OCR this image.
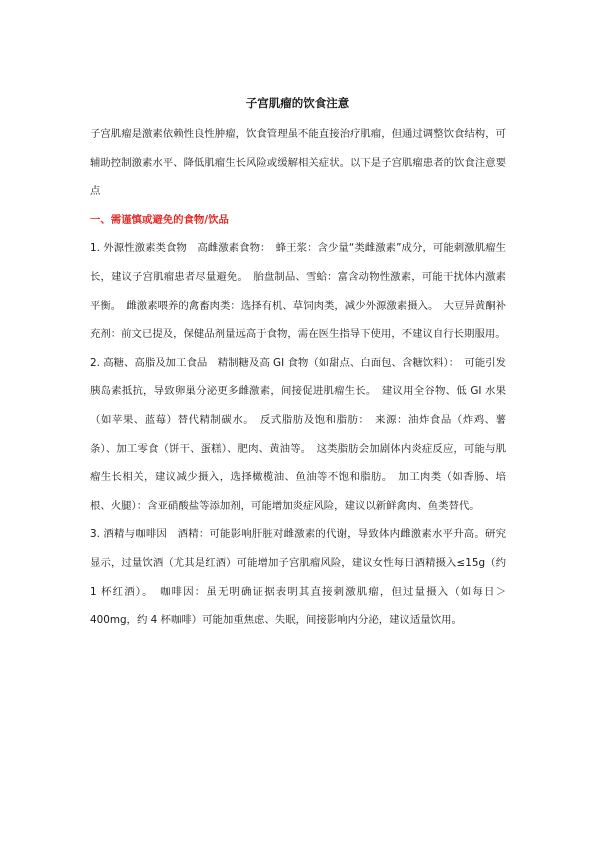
子宫肌瘤的饮食注意

子宫肌瘤是激素依赖性良性肿瘤，饮食管理虽不能直接治疗肌瘤，但通过调整饮食结构，可辅助控制激素水平、降低肌瘤生长风险或缓解相关症状。以下是子宫肌瘤患者的饮食注意要点

一、需谨慎或避免的食物/饮品

1. 外源性激素类食物　高雌激素食物：　蜂王浆：含少量“类雌激素”成分，可能刺激肌瘤生长，建议子宫肌瘤患者尽量避免。　胎盘制品、雪蛤：富含动物性激素，可能干扰体内激素平衡。　雌激素喂养的禽畜肉类：选择有机、草饲肉类，减少外源激素摄入。　大豆异黄酮补充剂：前文已提及，保健品剂量远高于食物，需在医生指导下使用，不建议自行长期服用。

2. 高糖、高脂及加工食品　精制糖及高 GI 食物（如甜点、白面包、含糖饮料）：　可能引发胰岛素抵抗，导致卵巢分泌更多雌激素，间接促进肌瘤生长。　建议用全谷物、低 GI 水果（如苹果、蓝莓）替代精制碳水。　反式脂肪及饱和脂肪：　来源：油炸食品（炸鸡、薯条）、加工零食（饼干、蛋糕）、肥肉、黄油等。　这类脂肪会加剧体内炎症反应，可能与肌瘤生长相关，建议减少摄入，选择橄榄油、鱼油等不饱和脂肪。　加工肉类（如香肠、培根、火腿）：含亚硝酸盐等添加剂，可能增加炎症风险，建议以新鲜禽肉、鱼类替代。

3. 酒精与咖啡因　酒精：可能影响肝脏对雌激素的代谢，导致体内雌激素水平升高。研究显示，过量饮酒（尤其是红酒）可能增加子宫肌瘤风险，建议女性每日酒精摄入≤15g（约 1 杯红酒）。　咖啡因：虽无明确证据表明其直接刺激肌瘤，但过量摄入（如每日＞400mg，约 4 杯咖啡）可能加重焦虑、失眠，间接影响内分泌，建议适量饮用。
